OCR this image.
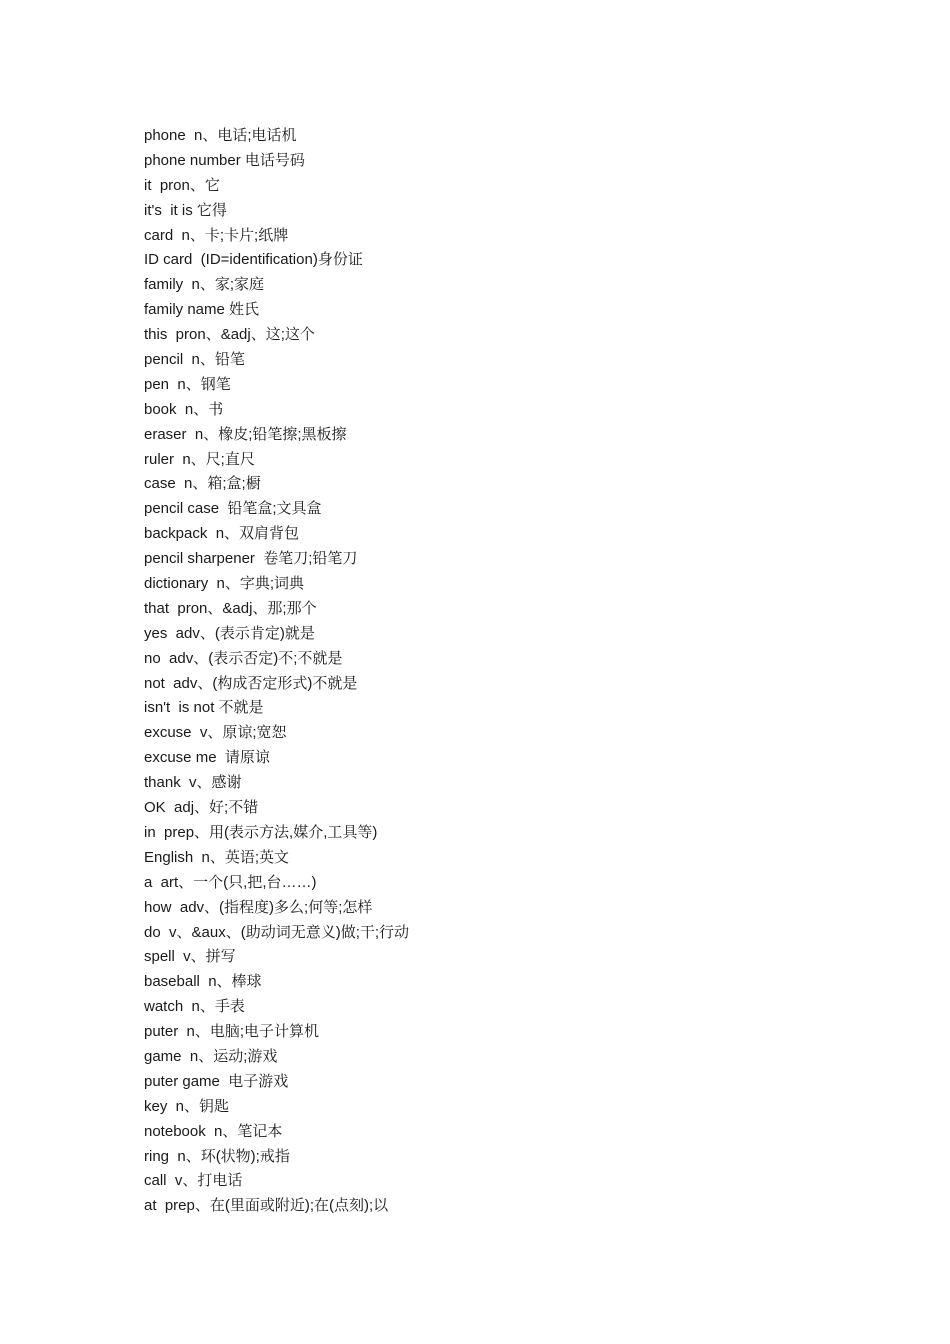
phone  n、电话;电话机
phone number 电话号码
it  pron、它
it's  it is 它得
card  n、卡;卡片;纸牌
ID card  (ID=identification)身份证
family  n、家;家庭
family name 姓氏
this  pron、&adj、这;这个
pencil  n、铅笔
pen  n、钢笔
book  n、书
eraser  n、橡皮;铅笔擦;黑板擦
ruler  n、尺;直尺
case  n、箱;盒;橱
pencil case  铅笔盒;文具盒
backpack  n、双肩背包
pencil sharpener  卷笔刀;铅笔刀
dictionary  n、字典;词典
that  pron、&adj、那;那个
yes  adv、(表示肯定)就是
no  adv、(表示否定)不;不就是
not  adv、(构成否定形式)不就是
isn't  is not 不就是
excuse  v、原谅;宽恕
excuse me  请原谅
thank  v、感谢
OK  adj、好;不错
in  prep、用(表示方法,媒介,工具等)
English  n、英语;英文
a  art、一个(只,把,台……)
how  adv、(指程度)多么;何等;怎样
do  v、&aux、(助动词无意义)做;干;行动
spell  v、拼写
baseball  n、棒球
watch  n、手表
puter  n、电脑;电子计算机
game  n、运动;游戏
puter game  电子游戏
key  n、钥匙
notebook  n、笔记本
ring  n、环(状物);戒指
call  v、打电话
at  prep、在(里面或附近);在(点刻);以
